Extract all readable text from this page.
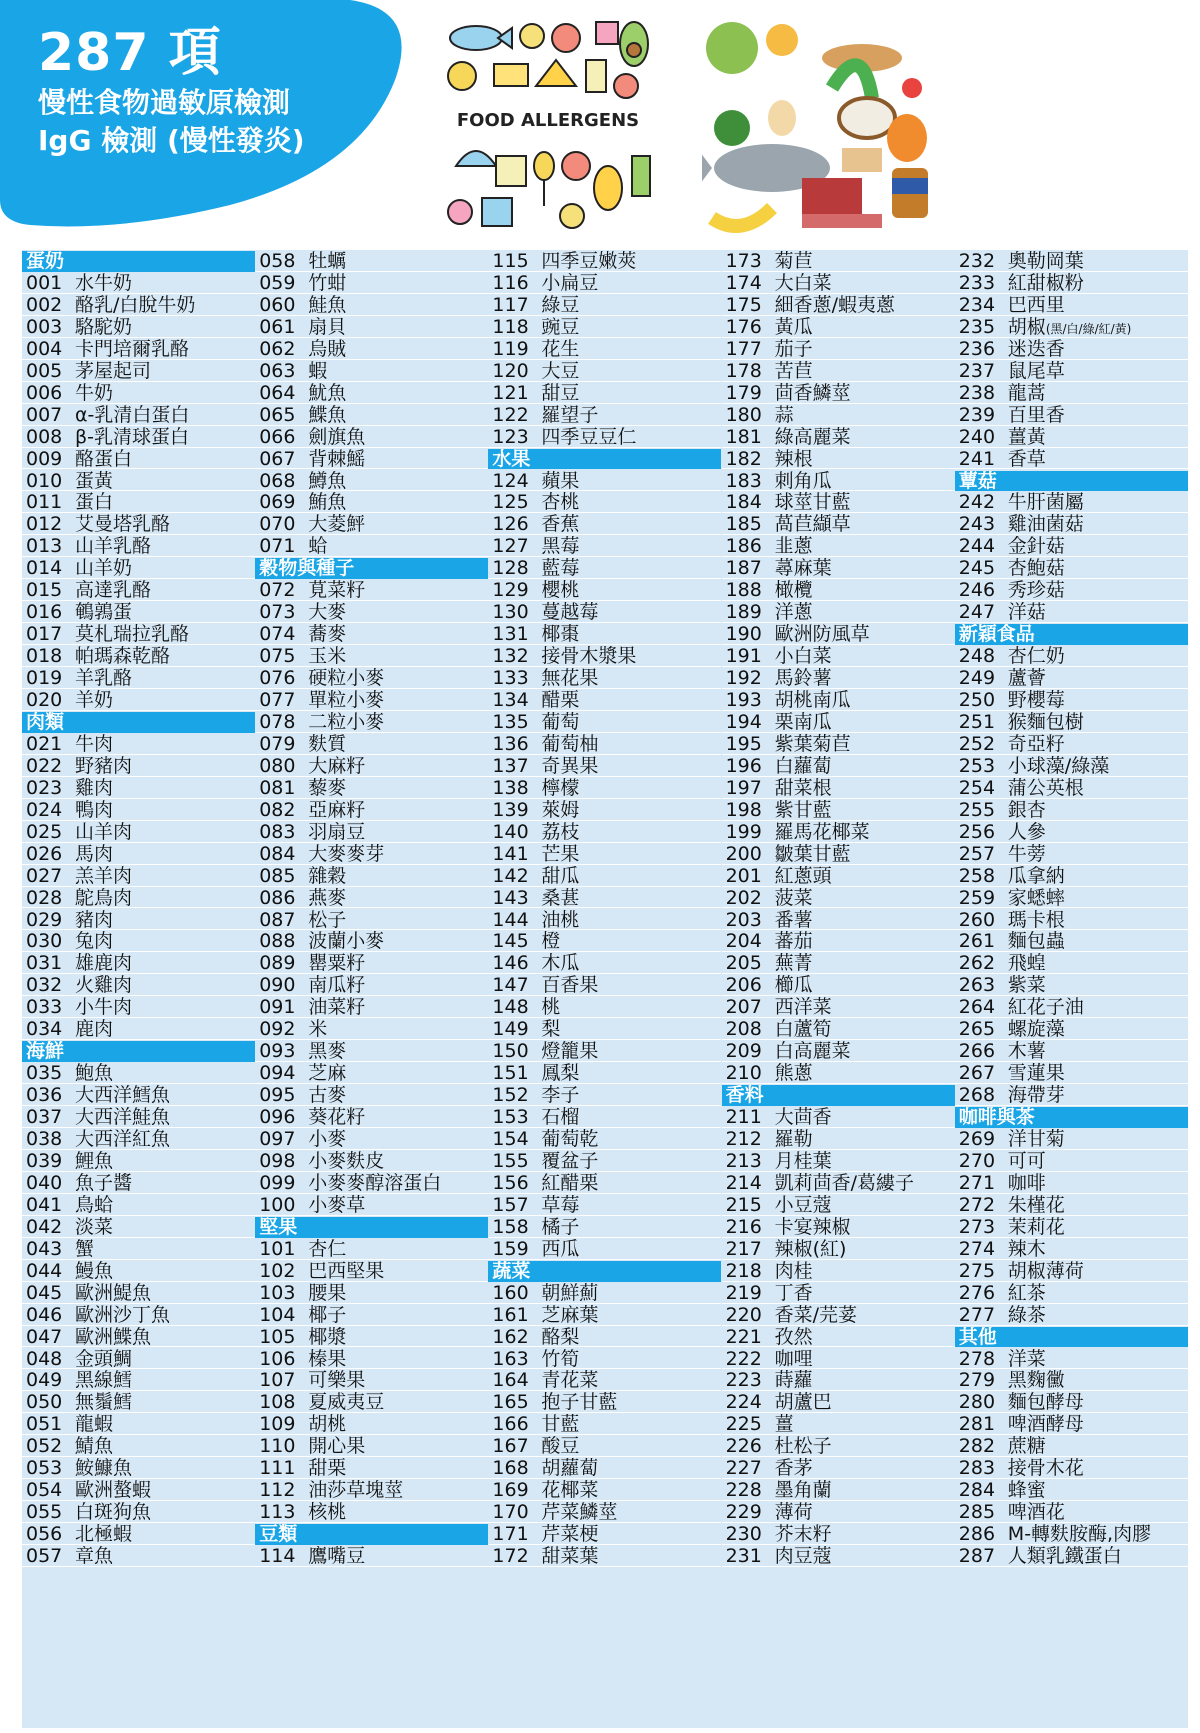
287 項
慢性食物過敏原檢測
IgG 檢測 (慢性發炎)
FOOD ALLERGENS
蛋奶
001 水牛奶
002 酪乳/白脫牛奶
003 駱駝奶
004 卡門培爾乳酪
005 茅屋起司
006 牛奶
007 α-乳清白蛋白
008 β-乳清球蛋白
009 酪蛋白
010 蛋黃
011 蛋白
012 艾曼塔乳酪
013 山羊乳酪
014 山羊奶
015 高達乳酪
016 鵪鶉蛋
017 莫札瑞拉乳酪
018 帕瑪森乾酪
019 羊乳酪
020 羊奶
肉類
021 牛肉
022 野豬肉
023 雞肉
024 鴨肉
025 山羊肉
026 馬肉
027 羔羊肉
028 鴕鳥肉
029 豬肉
030 兔肉
031 雄鹿肉
032 火雞肉
033 小牛肉
034 鹿肉
海鮮
035 鮑魚
036 大西洋鱈魚
037 大西洋鮭魚
038 大西洋紅魚
039 鯉魚
040 魚子醬
041 鳥蛤
042 淡菜
043 蟹
044 鰻魚
045 歐洲鯷魚
046 歐洲沙丁魚
047 歐洲鰈魚
048 金頭鯛
049 黑線鱈
050 無鬚鱈
051 龍蝦
052 鯖魚
053 鮟鱇魚
054 歐洲螯蝦
055 白斑狗魚
056 北極蝦
057 章魚
058 牡蠣
059 竹蚶
060 鮭魚
061 扇貝
062 烏賊
063 蝦
064 魷魚
065 鰈魚
066 劍旗魚
067 背棘鰩
068 鱒魚
069 鮪魚
070 大菱鮃
071 蛤
穀物與種子
072 莧菜籽
073 大麥
074 蕎麥
075 玉米
076 硬粒小麥
077 單粒小麥
078 二粒小麥
079 麩質
080 大麻籽
081 藜麥
082 亞麻籽
083 羽扇豆
084 大麥麥芽
085 雜穀
086 燕麥
087 松子
088 波蘭小麥
089 罌粟籽
090 南瓜籽
091 油菜籽
092 米
093 黑麥
094 芝麻
095 古麥
096 葵花籽
097 小麥
098 小麥麩皮
099 小麥麥醇溶蛋白
100 小麥草
堅果
101 杏仁
102 巴西堅果
103 腰果
104 椰子
105 椰漿
106 榛果
107 可樂果
108 夏威夷豆
109 胡桃
110 開心果
111 甜栗
112 油莎草塊莖
113 核桃
豆類
114 鷹嘴豆
115 四季豆嫩莢
116 小扁豆
117 綠豆
118 豌豆
119 花生
120 大豆
121 甜豆
122 羅望子
123 四季豆豆仁
水果
124 蘋果
125 杏桃
126 香蕉
127 黑莓
128 藍莓
129 櫻桃
130 蔓越莓
131 椰棗
132 接骨木漿果
133 無花果
134 醋栗
135 葡萄
136 葡萄柚
137 奇異果
138 檸檬
139 萊姆
140 荔枝
141 芒果
142 甜瓜
143 桑葚
144 油桃
145 橙
146 木瓜
147 百香果
148 桃
149 梨
150 燈籠果
151 鳳梨
152 李子
153 石榴
154 葡萄乾
155 覆盆子
156 紅醋栗
157 草莓
158 橘子
159 西瓜
蔬菜
160 朝鮮薊
161 芝麻葉
162 酪梨
163 竹筍
164 青花菜
165 抱子甘藍
166 甘藍
167 酸豆
168 胡蘿蔔
169 花椰菜
170 芹菜鱗莖
171 芹菜梗
172 甜菜葉
173 菊苣
174 大白菜
175 細香蔥/蝦夷蔥
176 黃瓜
177 茄子
178 苦苣
179 茴香鱗莖
180 蒜
181 綠高麗菜
182 辣根
183 刺角瓜
184 球莖甘藍
185 萵苣纈草
186 韭蔥
187 蕁麻葉
188 橄欖
189 洋蔥
190 歐洲防風草
191 小白菜
192 馬鈴薯
193 胡桃南瓜
194 栗南瓜
195 紫葉菊苣
196 白蘿蔔
197 甜菜根
198 紫甘藍
199 羅馬花椰菜
200 皺葉甘藍
201 紅蔥頭
202 菠菜
203 番薯
204 蕃茄
205 蕪菁
206 櫛瓜
207 西洋菜
208 白蘆筍
209 白高麗菜
210 熊蔥
香料
211 大茴香
212 羅勒
213 月桂葉
214 凱莉茴香/葛縷子
215 小豆蔻
216 卡宴辣椒
217 辣椒(紅)
218 肉桂
219 丁香
220 香菜/芫荽
221 孜然
222 咖哩
223 蒔蘿
224 胡蘆巴
225 薑
226 杜松子
227 香茅
228 墨角蘭
229 薄荷
230 芥末籽
231 肉豆蔻
232 奧勒岡葉
233 紅甜椒粉
234 巴西里
235 胡椒(黑/白/綠/紅/黃)
236 迷迭香
237 鼠尾草
238 龍蒿
239 百里香
240 薑黃
241 香草
蕈菇
242 牛肝菌屬
243 雞油菌菇
244 金針菇
245 杏鮑菇
246 秀珍菇
247 洋菇
新穎食品
248 杏仁奶
249 蘆薈
250 野櫻莓
251 猴麵包樹
252 奇亞籽
253 小球藻/綠藻
254 蒲公英根
255 銀杏
256 人參
257 牛蒡
258 瓜拿納
259 家蟋蟀
260 瑪卡根
261 麵包蟲
262 飛蝗
263 紫菜
264 紅花子油
265 螺旋藻
266 木薯
267 雪蓮果
268 海帶芽
咖啡與茶
269 洋甘菊
270 可可
271 咖啡
272 朱槿花
273 茉莉花
274 辣木
275 胡椒薄荷
276 紅茶
277 綠茶
其他
278 洋菜
279 黑麴黴
280 麵包酵母
281 啤酒酵母
282 蔗糖
283 接骨木花
284 蜂蜜
285 啤酒花
286 M-轉麩胺酶,肉膠
287 人類乳鐵蛋白
